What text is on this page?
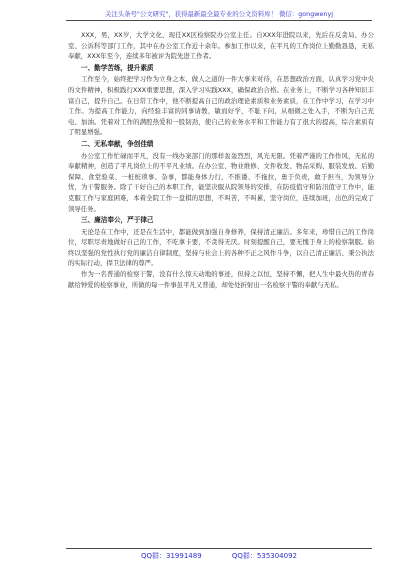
关注头条号"公文研究"，获得最新最全最专业的公文资料库！ 微信：gongwenyj

XXX，男，XX岁，大学文化，现任XX区检察院办公室主任。自XXX年进院以来，先后在反贪局、办公室、公诉科等部门工作，其中在办公室工作近十余年。参加工作以来，在平凡的工作岗位上勤勤恳恳，无私奉献，XXX年至今，连续多年被评为院先进工作者。

一、勤学苦练，提升素质

工作至今，始终把学习作为立身之本、做人之道的一件大事来对待，在思想政治方面，认真学习党中央的文件精神，积极践行XXX重要思想，深入学习实践XXX，确保政治合格。在业务上，不断学习各种知识丰富自己，提升自己。在日常工作中，他不断提高自己的政治理论素质和业务素质，在工作中学习，在学习中工作。为提高工作能力，向经验丰富的同事请教，敏而好学，不耻下问，从细微之处入手，不断为自己充电、加油。凭着对工作的满腔热爱和一股韧劲，使自己的业务水平和工作能力有了很大的提高，综合素质有了明显增强。

二、无私奉献，争创佳绩

办公室工作忙碌而平凡，没有一线办案部门的那样轰轰烈烈，风光无限。凭着严谨的工作作风，无私的奉献精神，创造了平凡岗位上的不平凡业绩。在办公室、物业维修、文件收发、物品采购、服装发放、后勤保障、食堂验菜、一桩桩琐事、杂事，都能身体力行，不推诿、不拖拉，勇于负责，敢于担当，为领导分忧，为干警服务。除了干好自己的本职工作，能坚决服从院领导的安排，在防疫值守和防汛值守工作中，能克服工作与家庭困难，本着全院工作一盘棋的思想，不叫苦，不叫累，坚守岗位，连续加班，出色的完成了领导任务。

三、廉洁奉公，严于律己

无论是在工作中，还是在生活中，都能做到加强自身修养，保持清正廉洁。多年来，珍惜自己的工作岗位，尽职尽责地做好自己的工作，不吃拿卡要，不贪得无厌。时刻提醒自己，要无愧于身上的检察制服。始终以坚强的党性执行党的廉洁自律制度，坚持与社会上的各种不正之风作斗争，以自己清正廉洁、秉公执法的实际行动，捍卫法律的尊严。

作为一名普通的检察干警，没有什么惊天动地的事迹，但持之以恒，坚持不懈，把人生中最火热的青春献给钟爱的检察事业，所做的每一件事虽平凡又普通，却处处折射出一名检察干警的奉献与无私。

QQ群：31991489	QQ群：535304092
